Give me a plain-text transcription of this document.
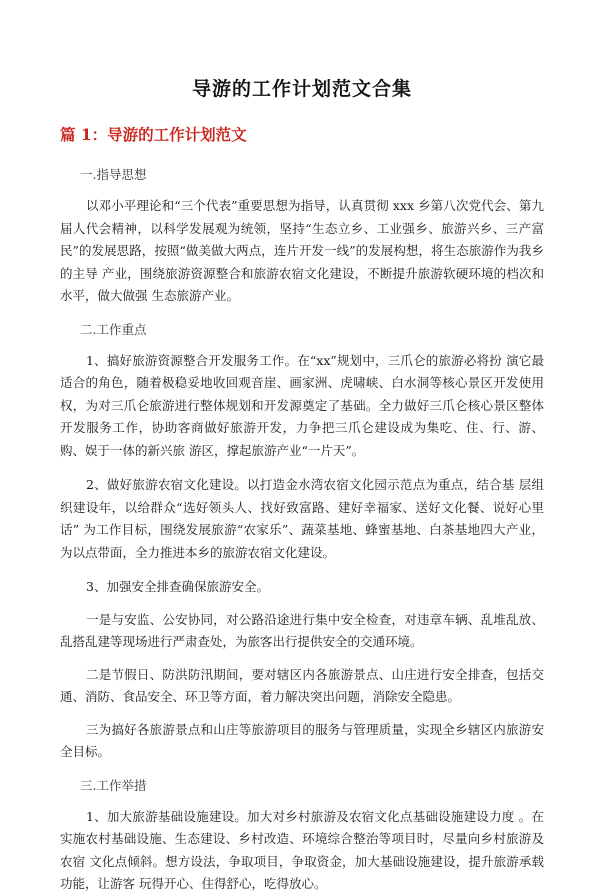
导游的工作计划范文合集
篇 1：导游的工作计划范文

一.指导思想

以邓小平理论和“三个代表”重要思想为指导，认真贯彻 xxx 乡第八次党代会、第九届人代会精神，以科学发展观为统领，坚持“生态立乡、工业强乡、旅游兴乡、三产富民”的发展思路，按照“做美做大两点，连片开发一线”的发展构想，将生态旅游作为我乡的主导 产业，围绕旅游资源整合和旅游农宿文化建设，不断提升旅游软硬环境的档次和水平，做大做强 生态旅游产业。

二.工作重点

1、搞好旅游资源整合开发服务工作。在“xx”规划中，三爪仑的旅游必将扮 演它最适合的角色，随着极稳妥地收回观音崖、画家洲、虎啸峡、白水洞等核心景区开发使用权，为对三爪仑旅游进行整体规划和开发源奠定了基础。全力做好三爪仑核心景区整体开发服务工作，协助客商做好旅游开发，力争把三爪仑建设成为集吃、住、行、游、购、娱于一体的新兴旅 游区，撑起旅游产业“一片天”。

2、做好旅游农宿文化建设。以打造金水湾农宿文化园示范点为重点，结合基 层组织建设年，以给群众“选好领头人、找好致富路、建好幸福家、送好文化餐、说好心里话” 为工作目标，围绕发展旅游“农家乐”、蔬菜基地、蜂蜜基地、白茶基地四大产业，为以点带面，全力推进本乡的旅游农宿文化建设。

3、加强安全排查确保旅游安全。

一是与安监、公安协同，对公路沿途进行集中安全检查，对违章车辆、乱堆乱放、乱搭乱建等现场进行严肃查处，为旅客出行提供安全的交通环境。

二是节假日、防洪防汛期间，要对辖区内各旅游景点、山庄进行安全排查，包括交通、消防、食品安全、环卫等方面，着力解决突出问题，消除安全隐患。

三为搞好各旅游景点和山庄等旅游项目的服务与管理质量，实现全乡辖区内旅游安全目标。

三.工作举措

1、加大旅游基础设施建设。加大对乡村旅游及农宿文化点基础设施建设力度 。在实施农村基础设施、生态建设、乡村改造、环境综合整治等项目时，尽量向乡村旅游及农宿 文化点倾斜。想方设法，争取项目，争取资金，加大基础设施建设，提升旅游承载功能，让游客 玩得开心、住得舒心，吃得放心。
